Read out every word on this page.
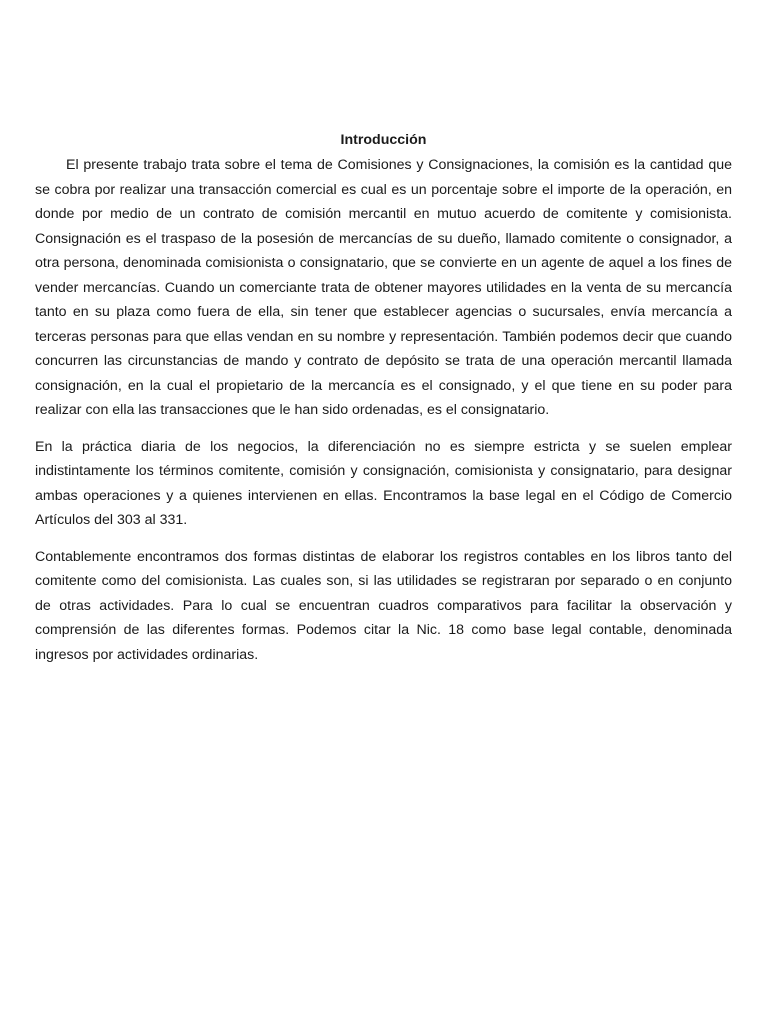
Introducción

El presente trabajo trata sobre el tema de Comisiones y Consignaciones, la comisión es la cantidad que se cobra por realizar una transacción comercial es cual es un porcentaje sobre el importe de la operación, en donde por medio de un contrato de comisión mercantil en mutuo acuerdo de comitente y comisionista. Consignación es el traspaso de la posesión de mercancías de su dueño, llamado comitente o consignador, a otra persona, denominada comisionista o consignatario, que se convierte en un agente de aquel a los fines de vender mercancías. Cuando un comerciante trata de obtener mayores utilidades en la venta de su mercancía tanto en su plaza como fuera de ella, sin tener que establecer agencias o sucursales, envía mercancía a terceras personas para que ellas vendan en su nombre y representación. También podemos decir que cuando concurren las circunstancias de mando y contrato de depósito se trata de una operación mercantil llamada consignación, en la cual el propietario de la mercancía es el consignado, y el que tiene en su poder para realizar con ella las transacciones que le han sido ordenadas, es el consignatario.

En la práctica diaria de los negocios, la diferenciación no es siempre estricta y se suelen emplear indistintamente los términos comitente, comisión y consignación, comisionista y consignatario, para designar ambas operaciones y a quienes intervienen en ellas. Encontramos la base legal en el Código de Comercio Artículos del 303 al 331.

Contablemente encontramos dos formas distintas de elaborar los registros contables en los libros tanto del comitente como del comisionista. Las cuales son, si las utilidades se registraran por separado o en conjunto de otras actividades. Para lo cual se encuentran cuadros comparativos para facilitar la observación y comprensión de las diferentes formas. Podemos citar la Nic. 18 como base legal contable, denominada ingresos por actividades ordinarias.
